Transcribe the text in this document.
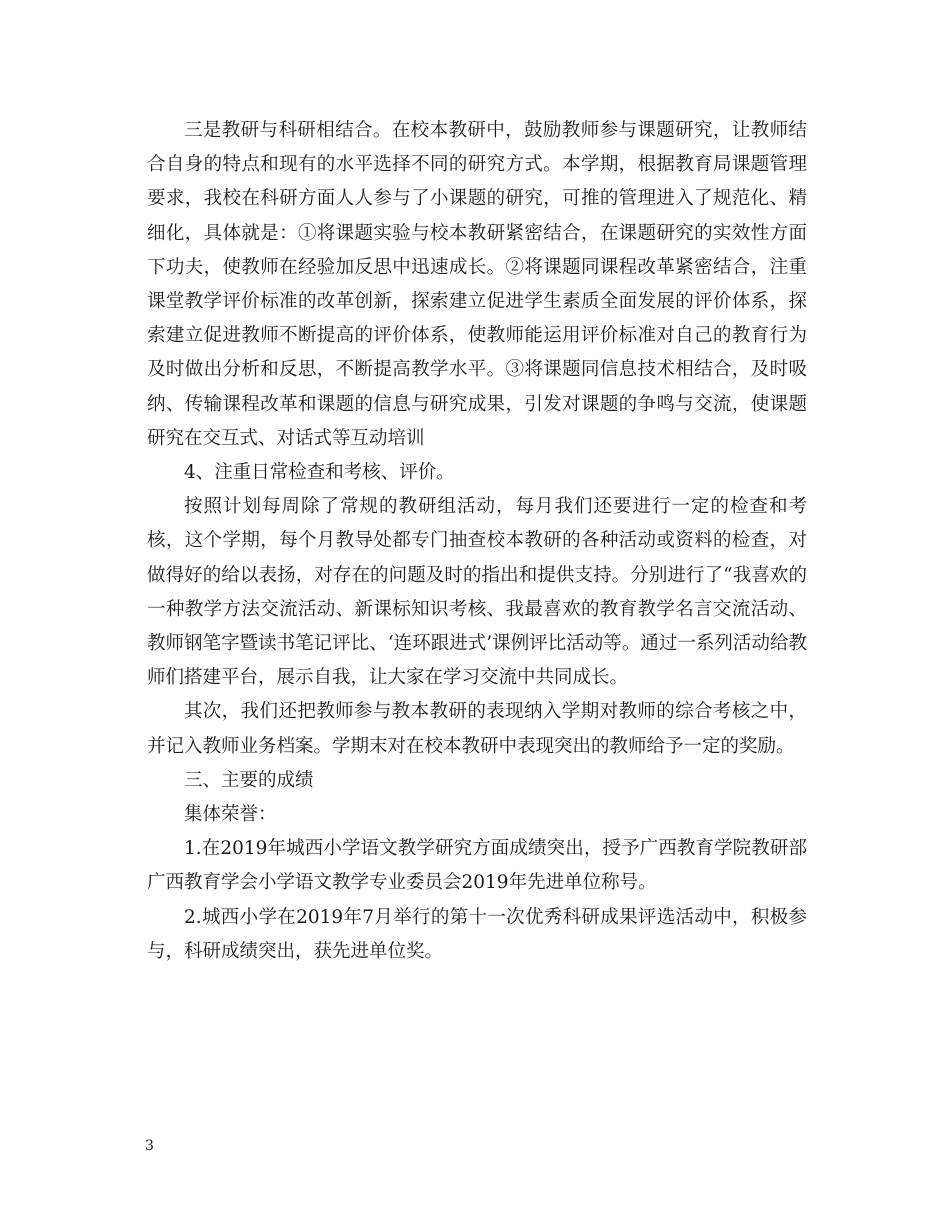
三是教研与科研相结合。在校本教研中，鼓励教师参与课题研究，让教师结合自身的特点和现有的水平选择不同的研究方式。本学期，根据教育局课题管理要求，我校在科研方面人人参与了小课题的研究，可推的管理进入了规范化、精细化，具体就是：①将课题实验与校本教研紧密结合，在课题研究的实效性方面下功夫，使教师在经验加反思中迅速成长。②将课题同课程改革紧密结合，注重课堂教学评价标准的改革创新，探索建立促进学生素质全面发展的评价体系，探索建立促进教师不断提高的评价体系，使教师能运用评价标准对自己的教育行为及时做出分析和反思，不断提高教学水平。③将课题同信息技术相结合，及时吸纳、传输课程改革和课题的信息与研究成果，引发对课题的争鸣与交流，使课题研究在交互式、对话式等互动培训

4、注重日常检查和考核、评价。

按照计划每周除了常规的教研组活动，每月我们还要进行一定的检查和考核，这个学期，每个月教导处都专门抽查校本教研的各种活动或资料的检查，对做得好的给以表扬，对存在的问题及时的指出和提供支持。分别进行了“我喜欢的一种教学方法交流活动、新课标知识考核、我最喜欢的教育教学名言交流活动、教师钢笔字暨读书笔记评比、‘连环跟进式’课例评比活动等。通过一系列活动给教师们搭建平台，展示自我，让大家在学习交流中共同成长。

其次，我们还把教师参与教本教研的表现纳入学期对教师的综合考核之中，并记入教师业务档案。学期末对在校本教研中表现突出的教师给予一定的奖励。

三、主要的成绩

集体荣誉：

1.在2019年城西小学语文教学研究方面成绩突出，授予广西教育学院教研部广西教育学会小学语文教学专业委员会2019年先进单位称号。

2.城西小学在2019年7月举行的第十一次优秀科研成果评选活动中，积极参与，科研成绩突出，获先进单位奖。

3
